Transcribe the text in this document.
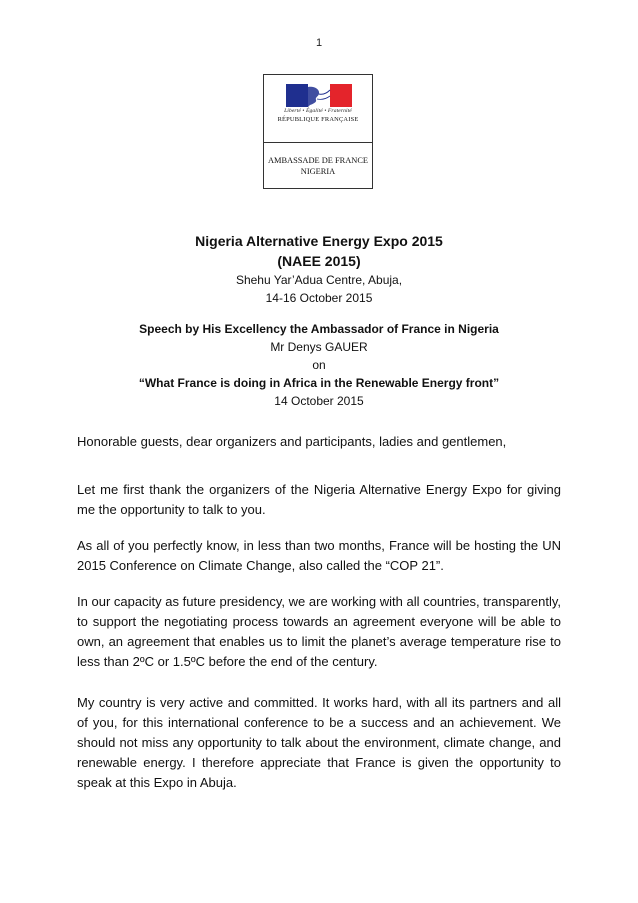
1
Liberté • Égalité • Fraternité
RÉPUBLIQUE FRANÇAISE
AMBASSADE DE FRANCE
NIGERIA
Nigeria Alternative Energy Expo 2015
(NAEE 2015)
Shehu Yar’Adua Centre, Abuja,
14-16 October 2015
Speech by His Excellency the Ambassador of France in Nigeria
Mr Denys GAUER
on
“What France is doing in Africa in the Renewable Energy front”
14 October 2015

Honorable guests, dear organizers and participants, ladies and gentlemen,

Let me first thank the organizers of the Nigeria Alternative Energy Expo for giving me the opportunity to talk to you.

As all of you perfectly know, in less than two months, France will be hosting the UN 2015 Conference on Climate Change, also called the “COP 21”.

In our capacity as future presidency, we are working with all countries, transparently, to support the negotiating process towards an agreement everyone will be able to own, an agreement that enables us to limit the planet’s average temperature rise to less than 2ºC or 1.5ºC before the end of the century.

My country is very active and committed. It works hard, with all its partners and all of you, for this international conference to be a success and an achievement. We should not miss any opportunity to talk about the environment, climate change, and renewable energy. I therefore appreciate that France is given the opportunity to speak at this Expo in Abuja.
